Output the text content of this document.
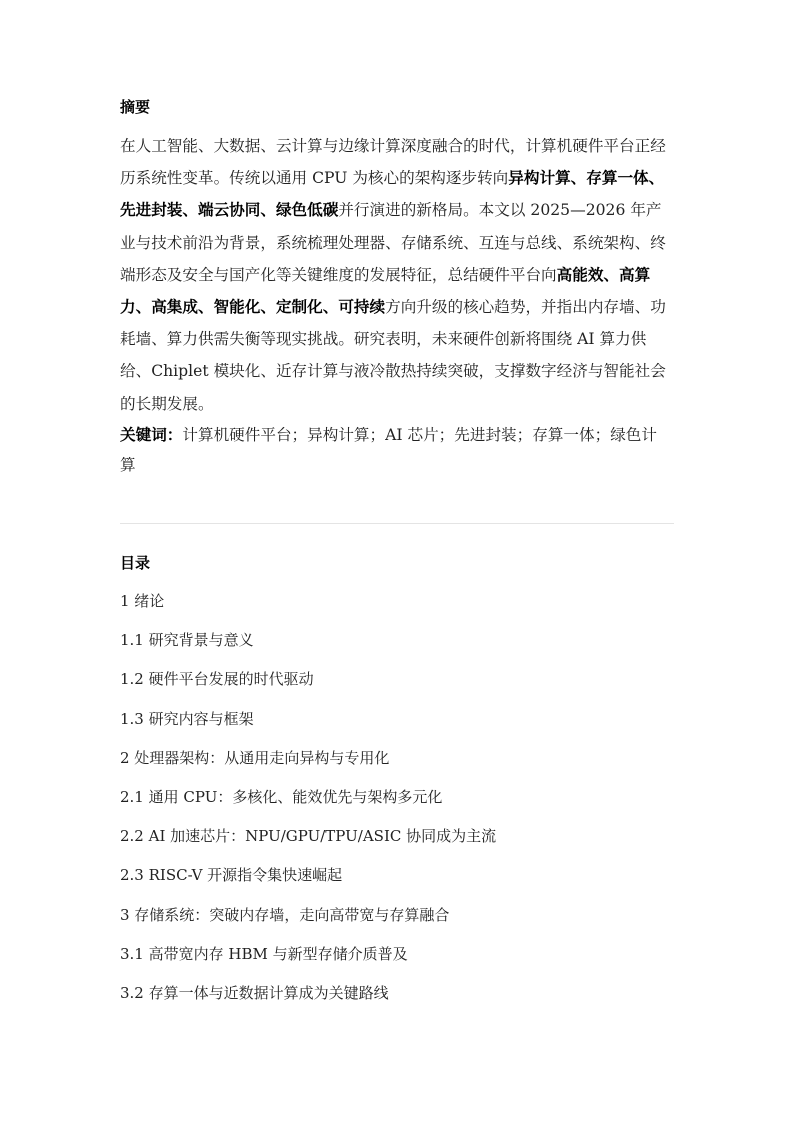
摘要

在人工智能、大数据、云计算与边缘计算深度融合的时代，计算机硬件平台正经历系统性变革。传统以通用 CPU 为核心的架构逐步转向异构计算、存算一体、先进封装、端云协同、绿色低碳并行演进的新格局。本文以 2025—2026 年产业与技术前沿为背景，系统梳理处理器、存储系统、互连与总线、系统架构、终端形态及安全与国产化等关键维度的发展特征，总结硬件平台向高能效、高算力、高集成、智能化、定制化、可持续方向升级的核心趋势，并指出内存墙、功耗墙、算力供需失衡等现实挑战。研究表明，未来硬件创新将围绕 AI 算力供给、Chiplet 模块化、近存计算与液冷散热持续突破，支撑数字经济与智能社会的长期发展。

关键词：计算机硬件平台；异构计算；AI 芯片；先进封装；存算一体；绿色计算

目录
1 绪论
1.1 研究背景与意义
1.2 硬件平台发展的时代驱动
1.3 研究内容与框架
2 处理器架构：从通用走向异构与专用化
2.1 通用 CPU：多核化、能效优先与架构多元化
2.2 AI 加速芯片：NPU/GPU/TPU/ASIC 协同成为主流
2.3 RISC-V 开源指令集快速崛起
3 存储系统：突破内存墙，走向高带宽与存算融合
3.1 高带宽内存 HBM 与新型存储介质普及
3.2 存算一体与近数据计算成为关键路线
